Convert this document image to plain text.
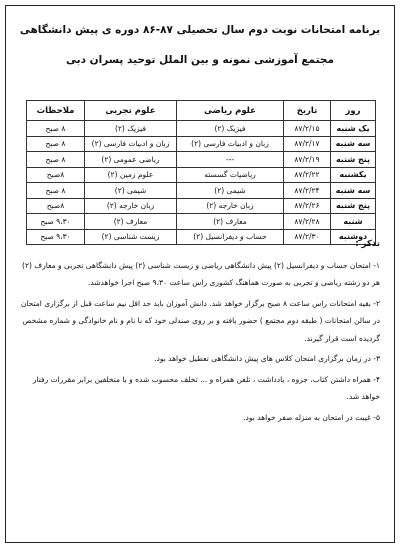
برنامه امتحانات نوبت دوم سال تحصیلی ۸۷-۸۶ دوره ی پیش دانشگاهی
مجتمع آموزشی نمونه و بین الملل توحید پسران دبی
روز	تاریخ	علوم ریاضی	علوم تجربی	ملاحظات
یک شنبه	۸۷/۲/۱۵	فیزیک (۲)	فیزیک (۲)	۸ صبح
سه شنبه	۸۷/۲/۱۷	زبان و ادبیات فارسی (۲)	زبان و ادبیات فارسی (۲)	۸ صبح
پنج شنبه	۸۷/۲/۱۹	---	ریاضی عمومی (۲)	۸ صبح
یکشنبه	۸۷/۲/۲۲	ریاضیات گسسته	علوم زمین (۲)	۸صبح
سه شنبه	۸۷/۲/۲۴	شیمی (۲)	شیمی (۲)	۸ صبح
پنج شنبه	۸۷/۲/۲۶	زبان خارجه (۲)	زبان خارجه (۲)	۸صبح
شنبه	۸۷/۲/۲۸	معارف (۲)	معارف (۲)	۹،۳۰ صبح
دوشنبه	۸۷/۲/۳۰	حساب و دیفرانسیل (۲)	زیست شناسی (۲)	۹،۳۰ صبح
تذکر :
۱- امتحان حساب و دیفرانسیل (۲) پیش دانشگاهی ریاضی و زیست شناسی (۲) پیش دانشگاهی تجربی و معارف (۲) هر دو رشته ریاضی و تجربی به صورت هماهنگ کشوری راس ساعت ۹،۳۰ صبح اجرا خواهدشد.
۲- بقیه امتحانات راس ساعت ۸ صبح برگزار خواهد شد. دانش آموزان باید حد اقل نیم ساعت قبل از برگزاری امتحان در سالن امتحانات ( طبقه دوم مجتمع ) حضور یافته و بر روی صندلی خود که با نام و نام خانوادگی و شماره مشخص گردیده است قرار گیرند.
۳- در زمان برگزاری امتحان کلاس های پیش دانشگاهی تعطیل خواهد بود.
۴- همراه داشتن کتاب، جزوه ، یادداشت ، تلفن همراه و ... تخلف محسوب شده و با متخلفین برابر مقررات رفتار خواهد شد.
۵- غیبت در امتحان به منزله صفر خواهد بود.
